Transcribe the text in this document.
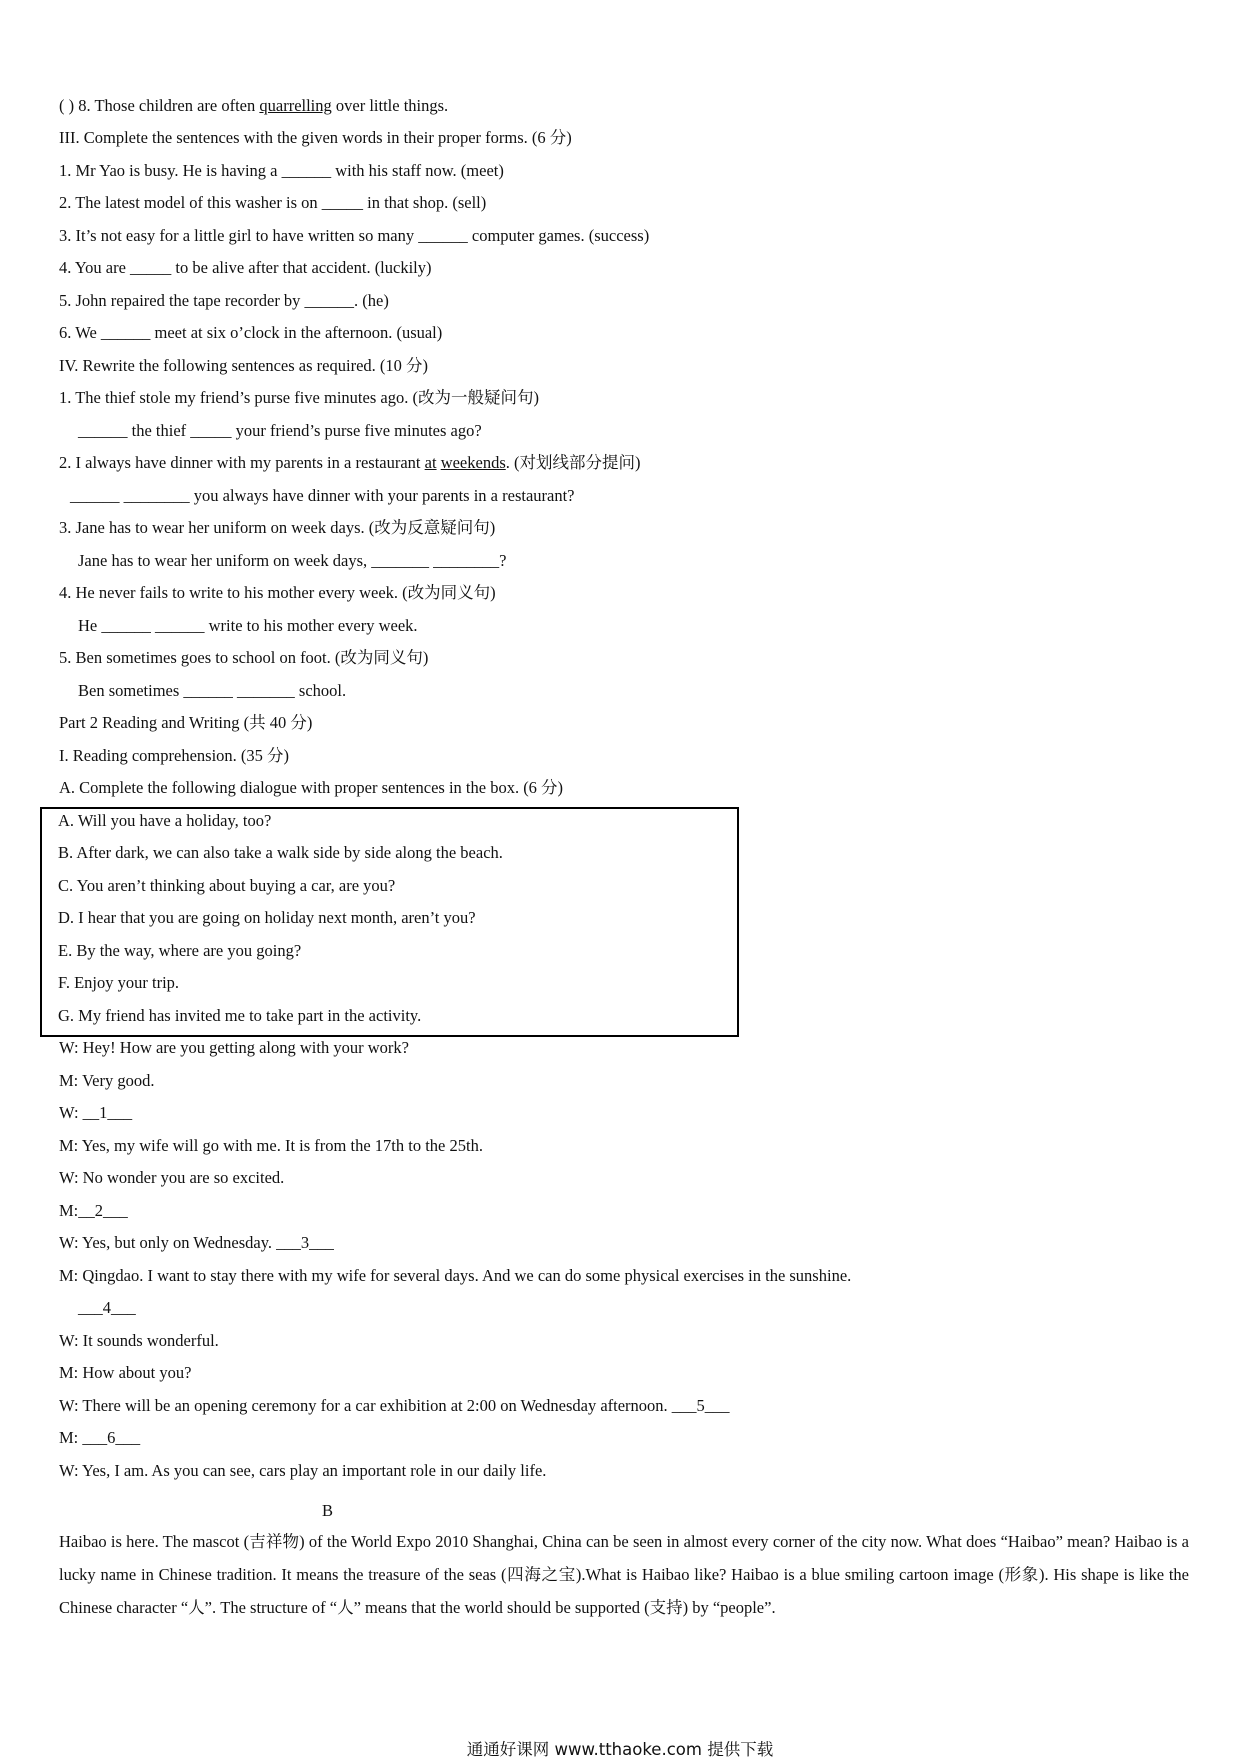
( ) 8. Those children are often quarrelling over little things.
III. Complete the sentences with the given words in their proper forms. (6 分)
1. Mr Yao is busy. He is having a ______ with his staff now. (meet)
2. The latest model of this washer is on _____ in that shop. (sell)
3. It’s not easy for a little girl to have written so many ______ computer games. (success)
4. You are _____ to be alive after that accident. (luckily)
5. John repaired the tape recorder by ______. (he)
6. We ______ meet at six o’clock in the afternoon. (usual)
IV. Rewrite the following sentences as required. (10 分)
1. The thief stole my friend’s purse five minutes ago. (改为一般疑问句)
______ the thief _____ your friend’s purse five minutes ago?
2. I always have dinner with my parents in a restaurant at weekends. (对划线部分提问)
______ ________ you always have dinner with your parents in a restaurant?
3. Jane has to wear her uniform on week days. (改为反意疑问句)
Jane has to wear her uniform on week days, _______ ________?
4. He never fails to write to his mother every week. (改为同义句)
He ______ ______ write to his mother every week.
5. Ben sometimes goes to school on foot. (改为同义句)
Ben sometimes ______ _______ school.
Part 2 Reading and Writing (共 40 分)
I. Reading comprehension. (35 分)
A. Complete the following dialogue with proper sentences in the box. (6 分)
A. Will you have a holiday, too?
B. After dark, we can also take a walk side by side along the beach.
C. You aren’t thinking about buying a car, are you?
D. I hear that you are going on holiday next month, aren’t you?
E. By the way, where are you going?
F. Enjoy your trip.
G. My friend has invited me to take part in the activity.
W: Hey! How are you getting along with your work?
M: Very good.
W: __1___
M: Yes, my wife will go with me. It is from the 17th to the 25th.
W: No wonder you are so excited.
M:__2___
W: Yes, but only on Wednesday. ___3___
M: Qingdao. I want to stay there with my wife for several days. And we can do some physical exercises in the sunshine.
___4___
W: It sounds wonderful.
M: How about you?
W: There will be an opening ceremony for a car exhibition at 2:00 on Wednesday afternoon. ___5___
M: ___6___
W: Yes, I am. As you can see, cars play an important role in our daily life.
B
Haibao is here. The mascot (吉祥物) of the World Expo 2010 Shanghai, China can be seen in almost every corner of the city now. What does “Haibao” mean? Haibao is a lucky name in Chinese tradition. It means the treasure of the seas (四海之宝).What is Haibao like? Haibao is a blue smiling cartoon image (形象). His shape is like the Chinese character “人”. The structure of “人” means that the world should be supported (支持) by “people”.
通通好课网 www.tthaoke.com 提供下载
